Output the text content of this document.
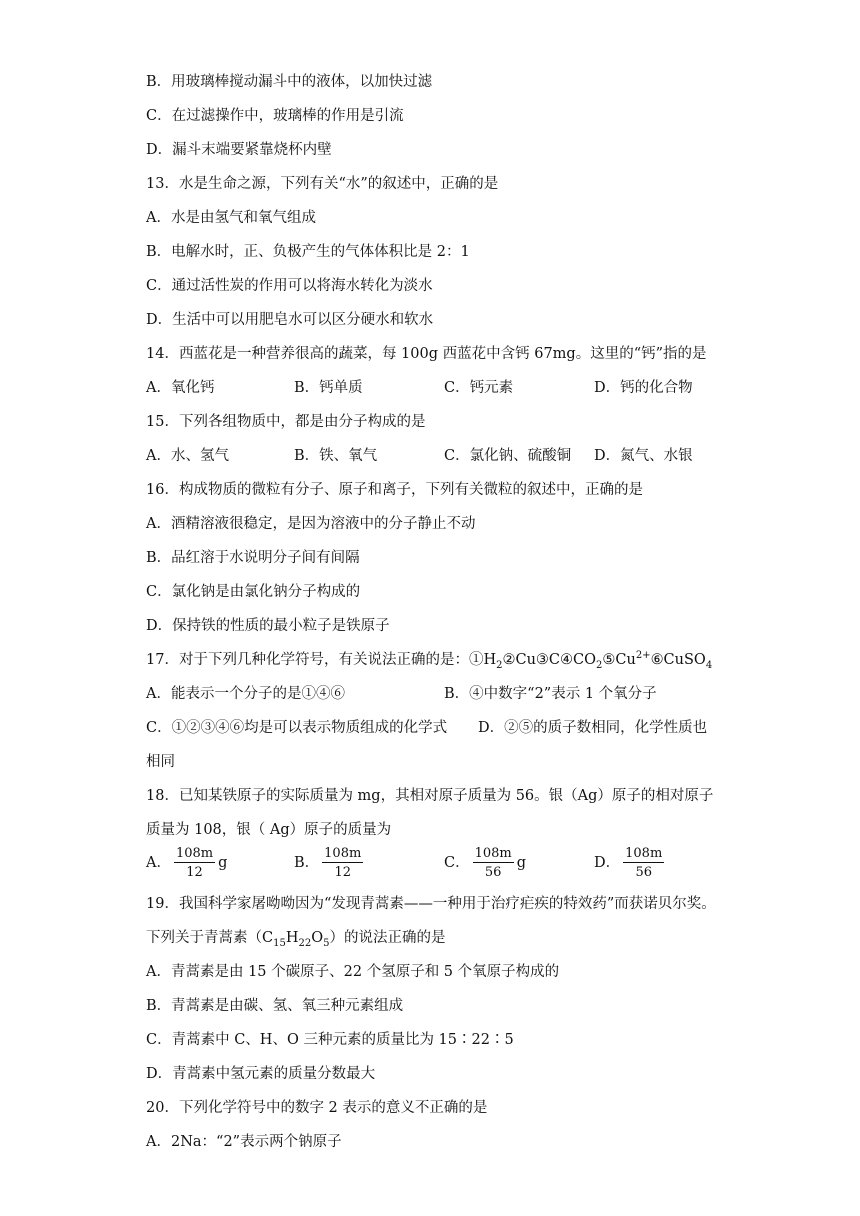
B．用玻璃棒搅动漏斗中的液体，以加快过滤
C．在过滤操作中，玻璃棒的作用是引流
D．漏斗末端要紧靠烧杯内壁
13．水是生命之源，下列有关“水”的叙述中，正确的是
A．水是由氢气和氧气组成
B．电解水时，正、负极产生的气体体积比是 2：1
C．通过活性炭的作用可以将海水转化为淡水
D．生活中可以用肥皂水可以区分硬水和软水
14．西蓝花是一种营养很高的蔬菜，每 100g 西蓝花中含钙 67mg。这里的“钙”指的是
A．氧化钙	B．钙单质	C．钙元素	D．钙的化合物
15．下列各组物质中，都是由分子构成的是
A．水、氢气	B．铁、氧气	C．氯化钠、硫酸铜 D．氮气、水银
16．构成物质的微粒有分子、原子和离子，下列有关微粒的叙述中，正确的是
A．酒精溶液很稳定，是因为溶液中的分子静止不动
B．品红溶于水说明分子间有间隔
C．氯化钠是由氯化钠分子构成的
D．保持铁的性质的最小粒子是铁原子
17．对于下列几种化学符号，有关说法正确的是：$①H_2②Cu③C④CO_2⑤Cu^{2+}⑥CuSO_4$
A．能表示一个分子的是①④⑥	B．④中数字“2”表示 1 个氧分子
C．①②③④⑥均是可以表示物质组成的化学式 D．②⑤的质子数相同，化学性质也
相同
18．已知某铁原子的实际质量为 mg，其相对原子质量为 56。银（Ag）原子的相对原子
质量为 108，银（ Ag）原子的质量为
A． $\frac{108m}{12}$ g	B． $\frac{108m}{12}$	C． $\frac{108m}{56}$ g	D． $\frac{108m}{56}$
19．我国科学家屠呦呦因为“发现青蒿素——一种用于治疗疟疾的特效药”而获诺贝尔奖。
下列关于青蒿素$(C_{15}H_{22}O_5)$的说法正确的是
A．青蒿素是由 15 个碳原子、22 个氢原子和 5 个氧原子构成的
B．青蒿素是由碳、氢、氧三种元素组成
C．青蒿素中 C、H、O 三种元素的质量比为 15∶22∶5
D．青蒿素中氢元素的质量分数最大
20．下列化学符号中的数字 2 表示的意义不正确的是
A．2Na：“2”表示两个钠原子
